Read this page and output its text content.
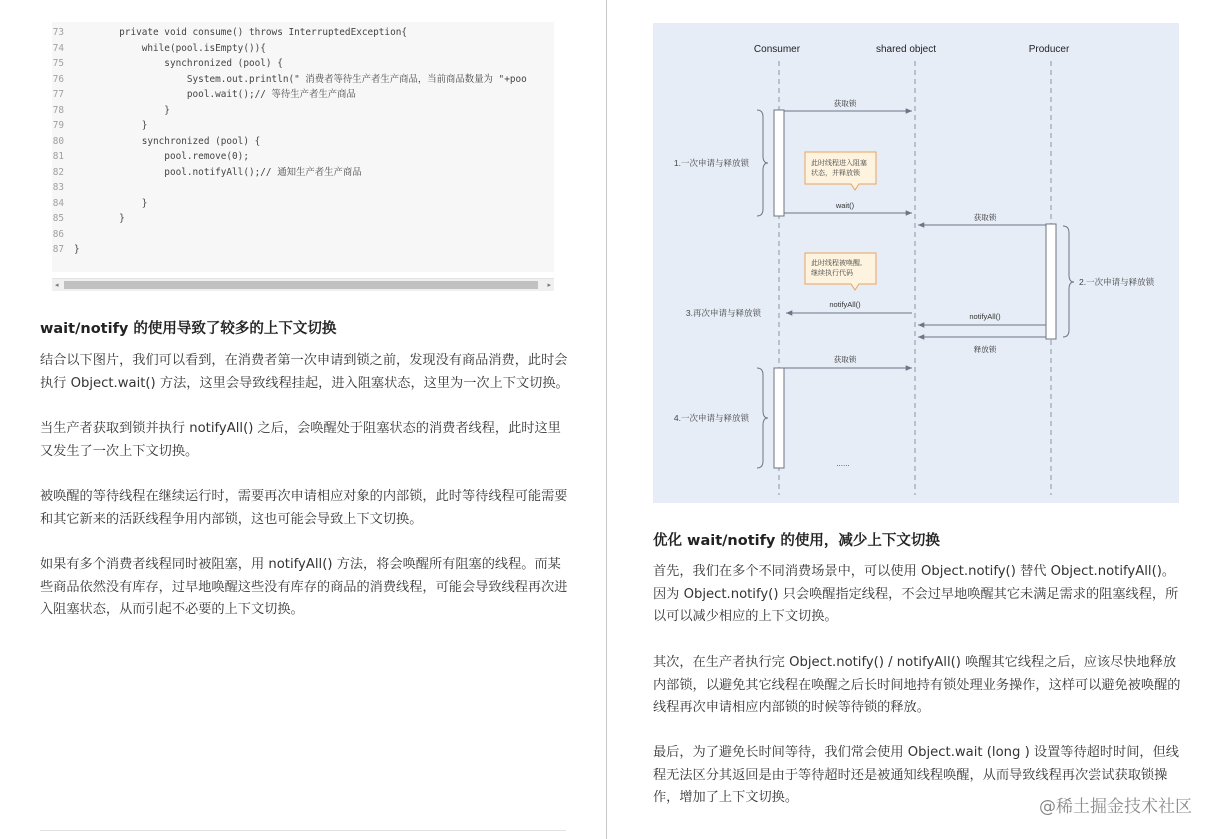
73 private void consume() throws InterruptedException{
74 while(pool.isEmpty()){
75 synchronized (pool) {
76 System.out.println(" 消费者等待生产者生产商品，当前商品数量为 "+poo
77 pool.wait();// 等待生产者生产商品
78 }
79 }
80 synchronized (pool) {
81 pool.remove(0);
82 pool.notifyAll();// 通知生产者生产商品
83
84 }
85 }
86
87 }
◂	▸
wait/notify 的使用导致了较多的上下文切换
结合以下图片，我们可以看到，在消费者第一次申请到锁之前，发现没有商品消费，此时会执行 Object.wait() 方法，这里会导致线程挂起，进入阻塞状态，这里为一次上下文切换。
当生产者获取到锁并执行 notifyAll() 之后，会唤醒处于阻塞状态的消费者线程，此时这里又发生了一次上下文切换。
被唤醒的等待线程在继续运行时，需要再次申请相应对象的内部锁，此时等待线程可能需要和其它新来的活跃线程争用内部锁，这也可能会导致上下文切换。
如果有多个消费者线程同时被阻塞，用 notifyAll() 方法，将会唤醒所有阻塞的线程。而某些商品依然没有库存，过早地唤醒这些没有库存的商品的消费线程，可能会导致线程再次进入阻塞状态，从而引起不必要的上下文切换。
Consumer	shared object	Producer
获取锁
wait()
获取锁
notifyAll()
notifyAll()
释放锁
获取锁
此时线程进入阻塞
状态，并释放锁
此时线程被唤醒,
继续执行代码
1.一次申请与释放锁
2.一次申请与释放锁
3.再次申请与释放锁
4.一次申请与释放锁
......
优化 wait/notify 的使用，减少上下文切换
首先，我们在多个不同消费场景中，可以使用 Object.notify() 替代 Object.notifyAll()。因为 Object.notify() 只会唤醒指定线程，不会过早地唤醒其它未满足需求的阻塞线程，所以可以减少相应的上下文切换。
其次，在生产者执行完 Object.notify() / notifyAll() 唤醒其它线程之后，应该尽快地释放内部锁，以避免其它线程在唤醒之后长时间地持有锁处理业务操作，这样可以避免被唤醒的线程再次申请相应内部锁的时候等待锁的释放。
最后，为了避免长时间等待，我们常会使用 Object.wait (long ) 设置等待超时时间，但线程无法区分其返回是由于等待超时还是被通知线程唤醒，从而导致线程再次尝试获取锁操作，增加了上下文切换。	@稀土掘金技术社区
